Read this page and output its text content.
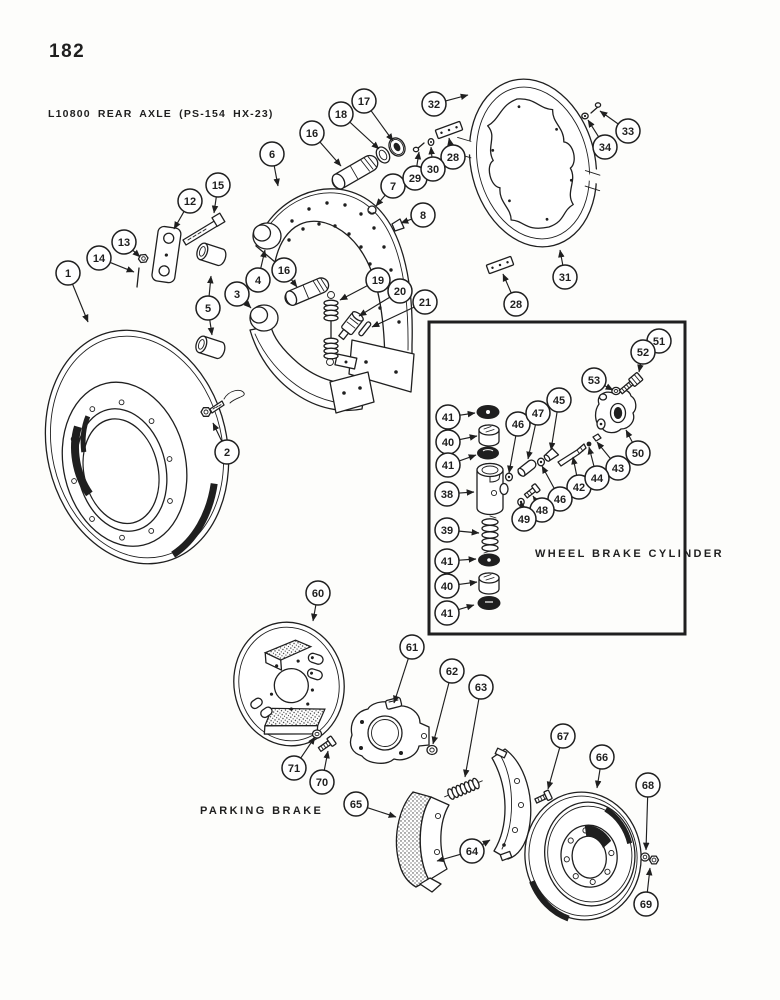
182
L10800 REAR AXLE (PS-154 HX-23)
WHEEL BRAKE CYLINDER
PARKING BRAKE
1
2
3
4
5
6
7
8
12
13
14
15
16
16
17
18
19
20
21
28
28
29
30
31
32
33
34
38
39
40
40
41
41
41
41
42
43
44
45
46
46
47
48
49
50
51
52
53
60
61
62
63
64
65
66
67
68
69
70
71
